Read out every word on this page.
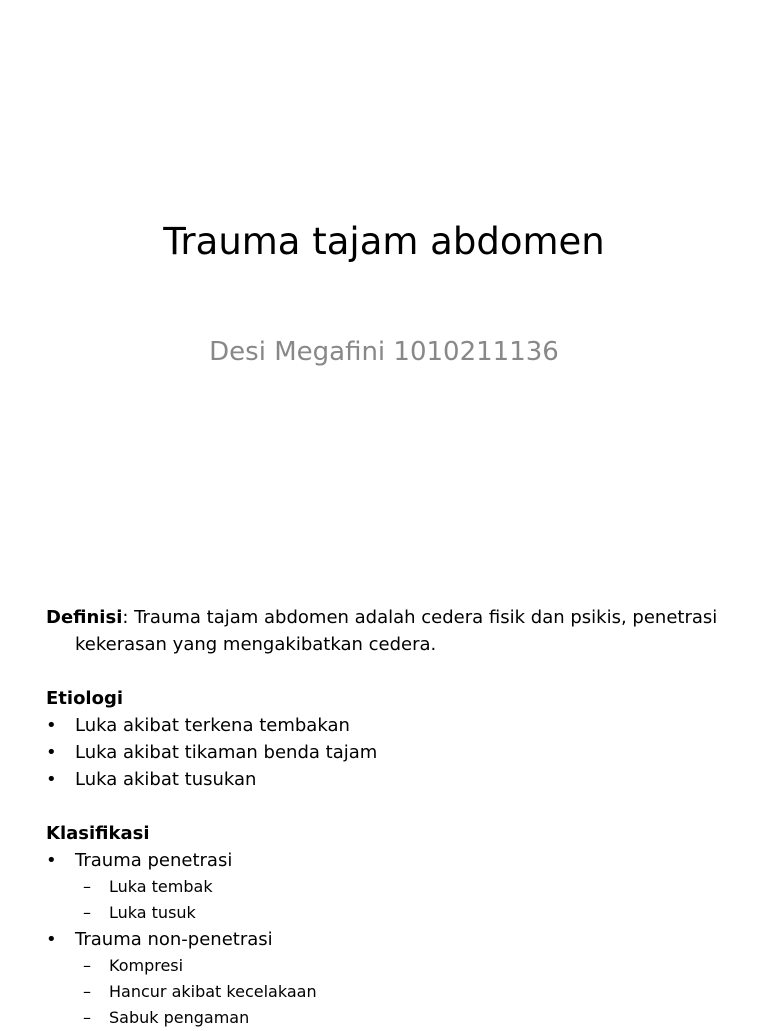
Trauma tajam abdomen
Desi Megafini 1010211136

Definisi: Trauma tajam abdomen adalah cedera fisik dan psikis, penetrasi kekerasan yang mengakibatkan cedera.

Etiologi

• Luka akibat terkena tembakan

• Luka akibat tikaman benda tajam

• Luka akibat tusukan

Klasifikasi

• Trauma penetrasi

– Luka tembak

– Luka tusuk

• Trauma non-penetrasi

– Kompresi

– Hancur akibat kecelakaan

– Sabuk pengaman
